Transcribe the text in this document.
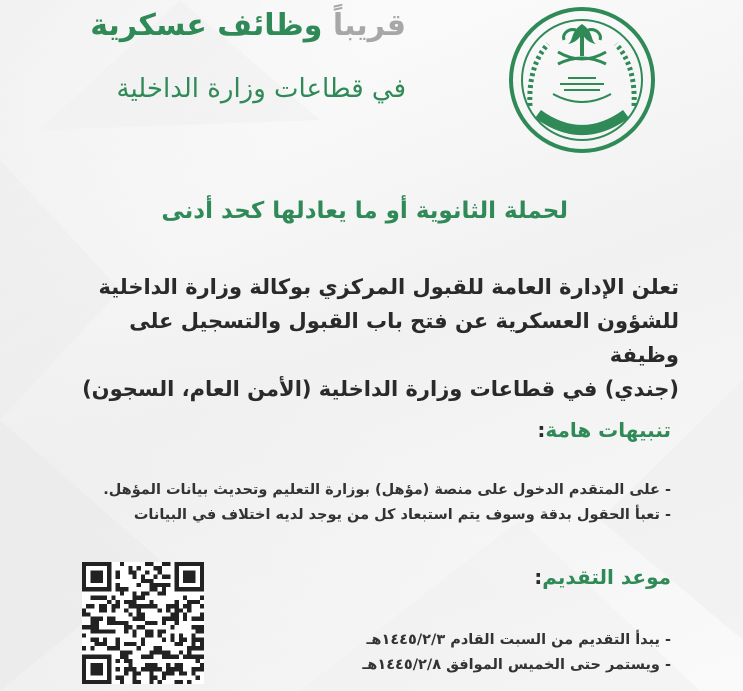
قريباً وظائف عسكرية
في قطاعات وزارة الداخلية
لحملة الثانوية أو ما يعادلها كحد أدنى
تعلن الإدارة العامة للقبول المركزي بوكالة وزارة الداخلية
للشؤون العسكرية عن فتح باب القبول والتسجيل على وظيفة
(جندي) في قطاعات وزارة الداخلية (الأمن العام، السجون)
تنبيهات هامة:
- على المتقدم الدخول على منصة (مؤهل) بوزارة التعليم وتحديث بيانات المؤهل.
- تعبأ الحقول بدقة وسوف يتم استبعاد كل من يوجد لديه اختلاف في البيانات
موعد التقديم:
- يبدأ التقديم من السبت القادم ١٤٤٥/٢/٣هـ
- ويستمر حتى الخميس الموافق ١٤٤٥/٢/٨هـ
